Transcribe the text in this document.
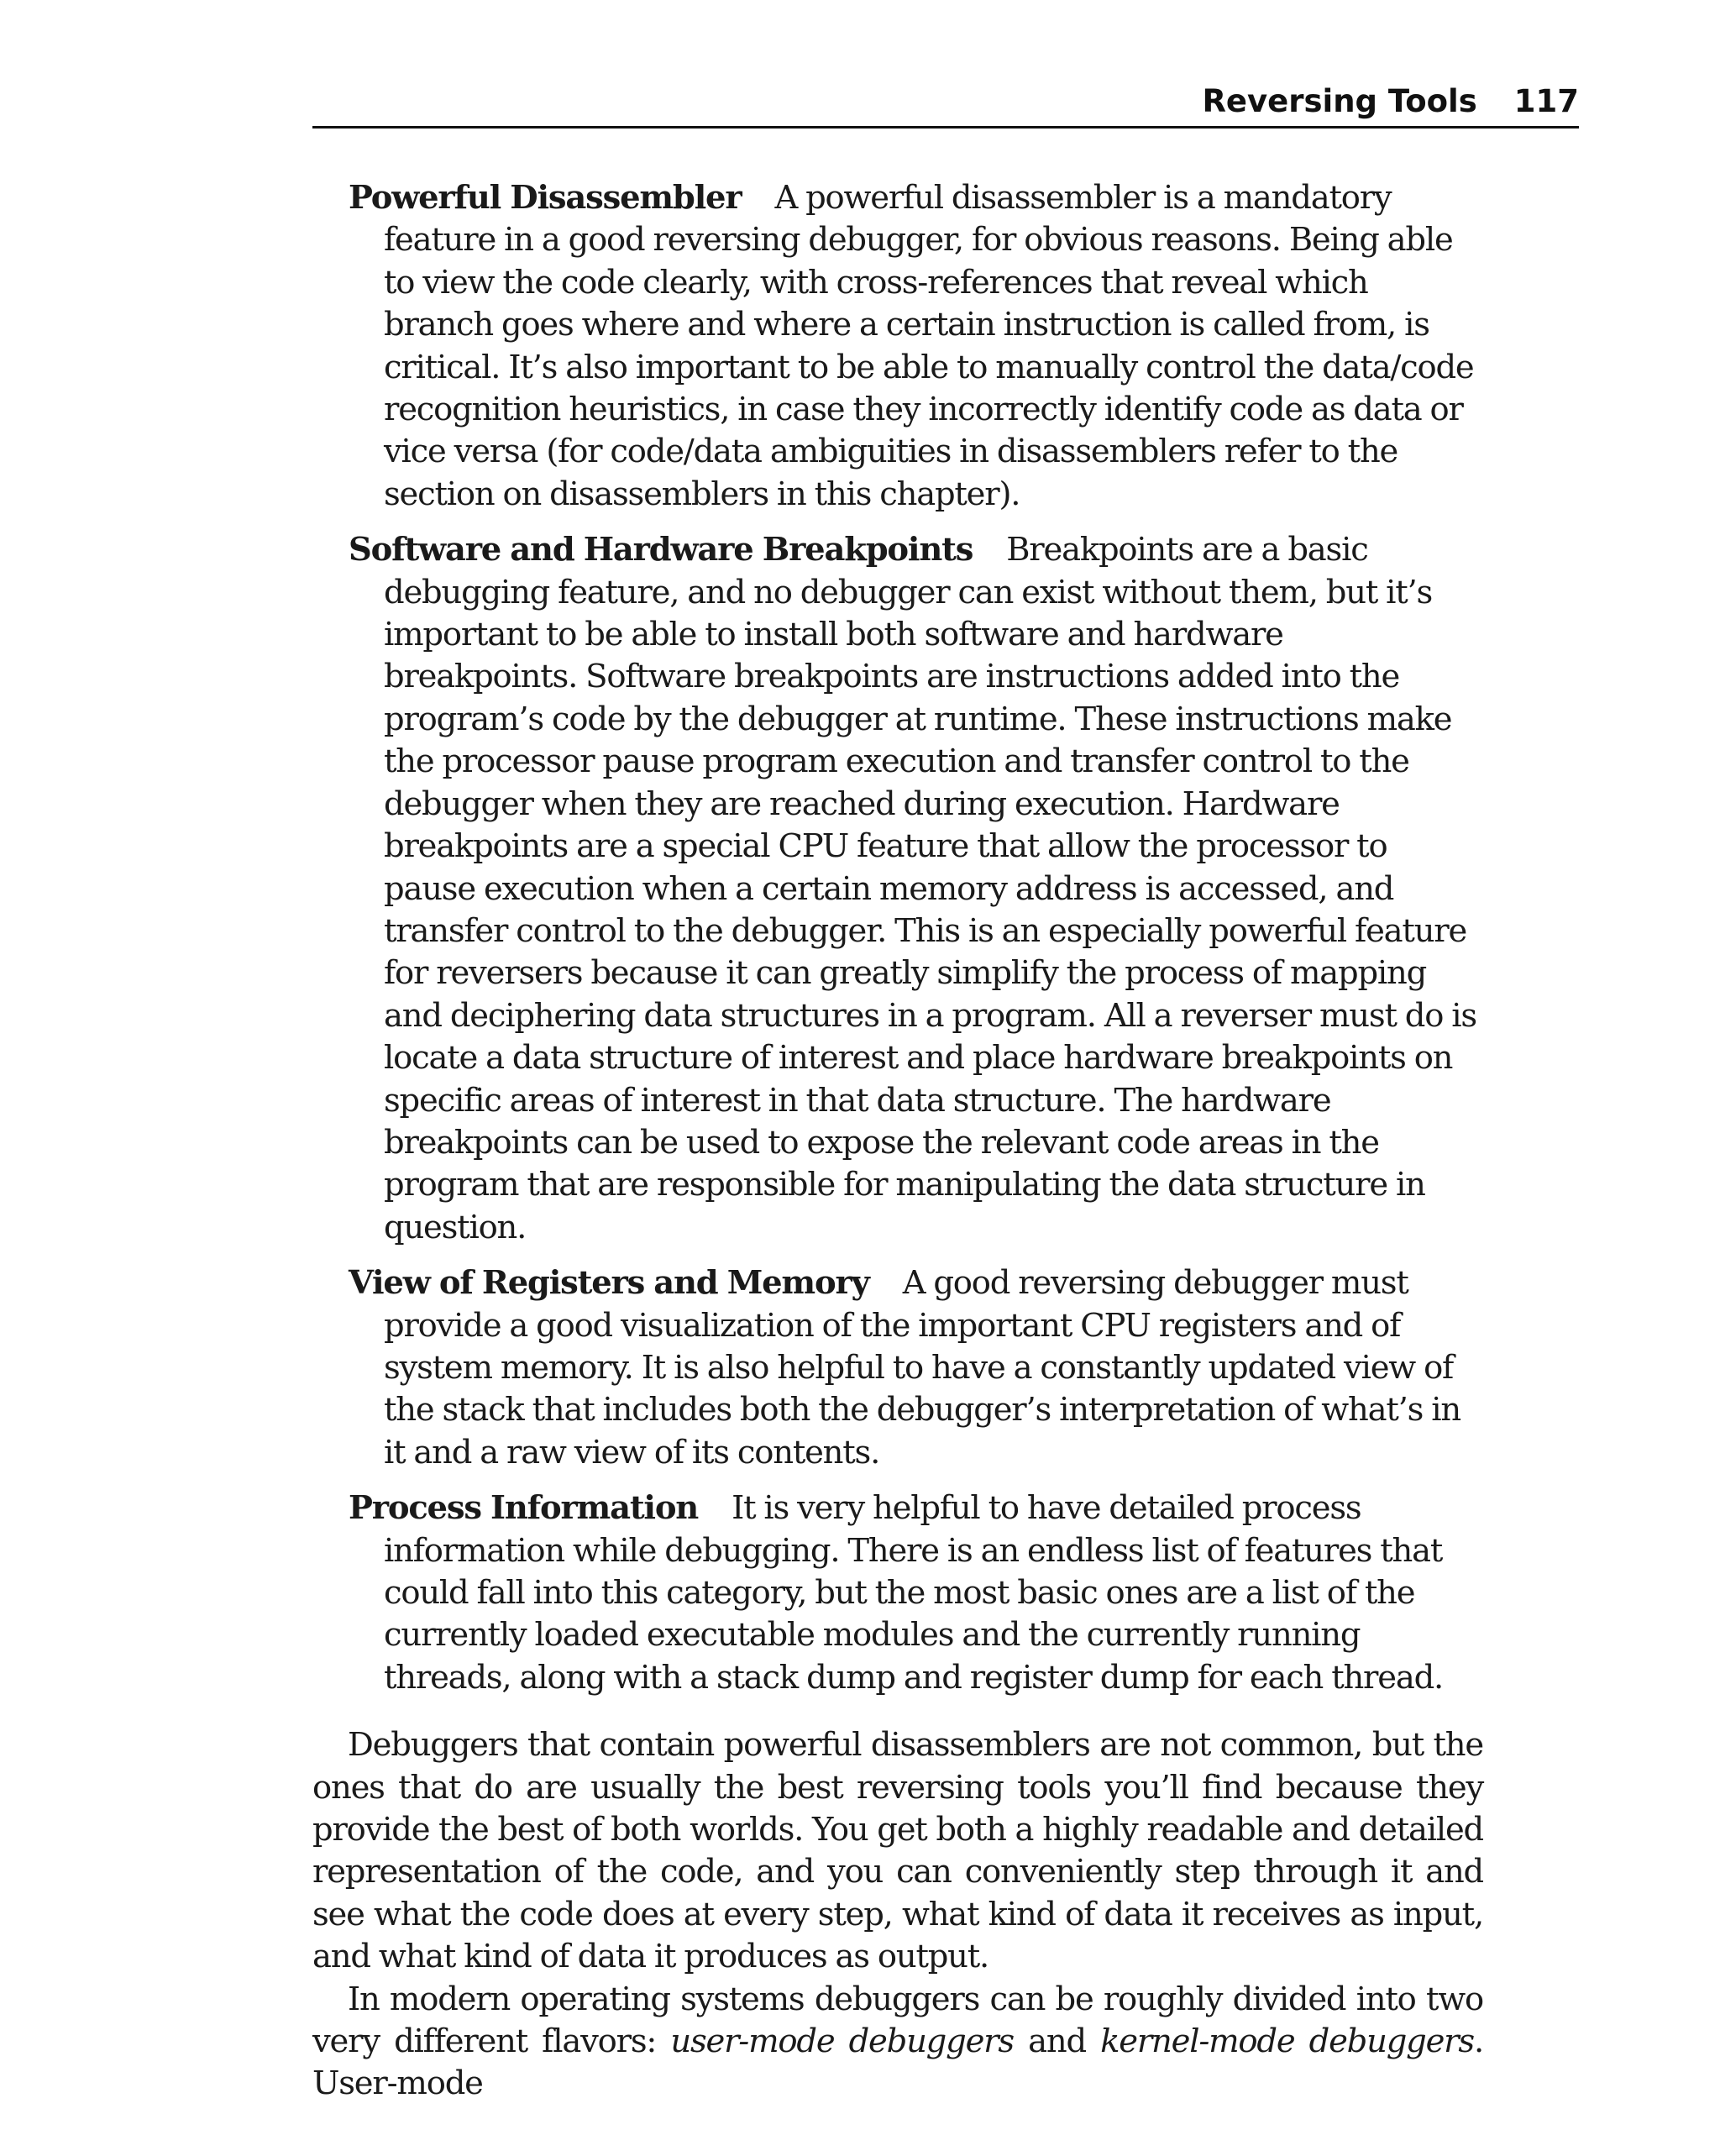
Reversing Tools 117

Powerful Disassembler A powerful disassembler is a mandatory feature in a good reversing debugger, for obvious reasons. Being able to view the code clearly, with cross-references that reveal which branch goes where and where a certain instruction is called from, is critical. It’s also important to be able to manually control the data/code recognition heuristics, in case they incorrectly identify code as data or vice versa (for code/data ambiguities in disassemblers refer to the section on disassemblers in this chapter).

Software and Hardware Breakpoints Breakpoints are a basic debugging feature, and no debugger can exist without them, but it’s important to be able to install both software and hardware breakpoints. Software breakpoints are instructions added into the program’s code by the debugger at runtime. These instructions make the processor pause program execution and transfer control to the debugger when they are reached during execution. Hardware breakpoints are a special CPU feature that allow the processor to pause execution when a certain memory address is accessed, and transfer control to the debugger. This is an especially powerful feature for reversers because it can greatly simplify the process of mapping and deciphering data structures in a program. All a reverser must do is locate a data structure of interest and place hardware breakpoints on specific areas of interest in that data structure. The hardware breakpoints can be used to expose the relevant code areas in the program that are responsible for manipulating the data structure in question.

View of Registers and Memory A good reversing debugger must provide a good visualization of the important CPU registers and of system memory. It is also helpful to have a constantly updated view of the stack that includes both the debugger’s interpretation of what’s in it and a raw view of its contents.

Process Information It is very helpful to have detailed process information while debugging. There is an endless list of features that could fall into this category, but the most basic ones are a list of the currently loaded executable modules and the currently running threads, along with a stack dump and register dump for each thread.

Debuggers that contain powerful disassemblers are not common, but the ones that do are usually the best reversing tools you’ll find because they provide the best of both worlds. You get both a highly readable and detailed representation of the code, and you can conveniently step through it and see what the code does at every step, what kind of data it receives as input, and what kind of data it produces as output.

In modern operating systems debuggers can be roughly divided into two very different flavors: user-mode debuggers and kernel-mode debuggers. User-mode
